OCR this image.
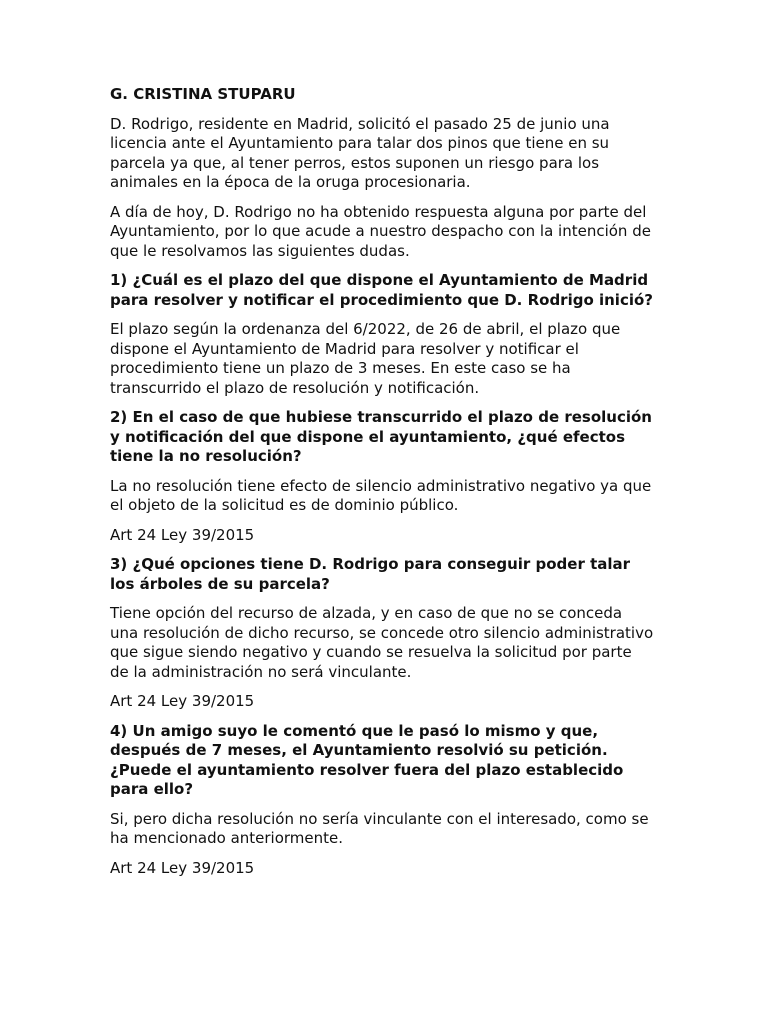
G. CRISTINA STUPARU

D. Rodrigo, residente en Madrid, solicitó el pasado 25 de junio una licencia ante el Ayuntamiento para talar dos pinos que tiene en su parcela ya que, al tener perros, estos suponen un riesgo para los animales en la época de la oruga procesionaria.

A día de hoy, D. Rodrigo no ha obtenido respuesta alguna por parte del Ayuntamiento, por lo que acude a nuestro despacho con la intención de que le resolvamos las siguientes dudas.

1) ¿Cuál es el plazo del que dispone el Ayuntamiento de Madrid para resolver y notificar el procedimiento que D. Rodrigo inició?

El plazo según la ordenanza del 6/2022, de 26 de abril, el plazo que dispone el Ayuntamiento de Madrid para resolver y notificar el procedimiento tiene un plazo de 3 meses. En este caso se ha transcurrido el plazo de resolución y notificación.

2) En el caso de que hubiese transcurrido el plazo de resolución y notificación del que dispone el ayuntamiento, ¿qué efectos tiene la no resolución?

La no resolución tiene efecto de silencio administrativo negativo ya que el objeto de la solicitud es de dominio público.

Art 24 Ley 39/2015

3) ¿Qué opciones tiene D. Rodrigo para conseguir poder talar los árboles de su parcela?

Tiene opción del recurso de alzada, y en caso de que no se conceda una resolución de dicho recurso, se concede otro silencio administrativo que sigue siendo negativo y cuando se resuelva la solicitud por parte de la administración no será vinculante.

Art 24 Ley 39/2015

4) Un amigo suyo le comentó que le pasó lo mismo y que, después de 7 meses, el Ayuntamiento resolvió su petición. ¿Puede el ayuntamiento resolver fuera del plazo establecido para ello?

Si, pero dicha resolución no sería vinculante con el interesado, como se ha mencionado anteriormente.

Art 24 Ley 39/2015
